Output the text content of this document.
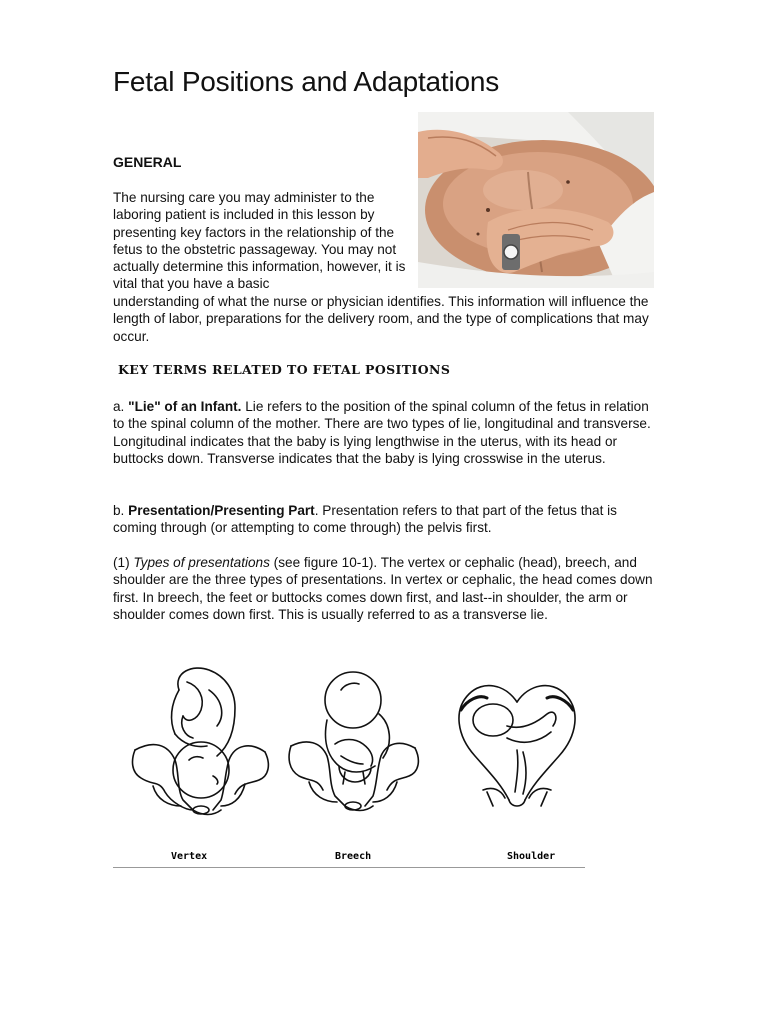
Fetal Positions and Adaptations
GENERAL

The nursing care you may administer to the laboring patient is included in this lesson by presenting key factors in the relationship of the fetus to the obstetric passageway. You may not actually determine this information, however, it is vital that you have a basic

understanding of what the nurse or physician identifies. This information will influence the length of labor, preparations for the delivery room, and the type of complications that may occur.

KEY TERMS RELATED TO FETAL POSITIONS

a. "Lie" of an Infant. Lie refers to the position of the spinal column of the fetus in relation to the spinal column of the mother. There are two types of lie, longitudinal and transverse. Longitudinal indicates that the baby is lying lengthwise in the uterus, with its head or buttocks down. Transverse indicates that the baby is lying crosswise in the uterus.

b. Presentation/Presenting Part. Presentation refers to that part of the fetus that is coming through (or attempting to come through) the pelvis first.

(1) Types of presentations (see figure 10-1). The vertex or cephalic (head), breech, and shoulder are the three types of presentations. In vertex or cephalic, the head comes down first. In breech, the feet or buttocks comes down first, and last--in shoulder, the arm or shoulder comes down first. This is usually referred to as a transverse lie.

Vertex	Breech	Shoulder
